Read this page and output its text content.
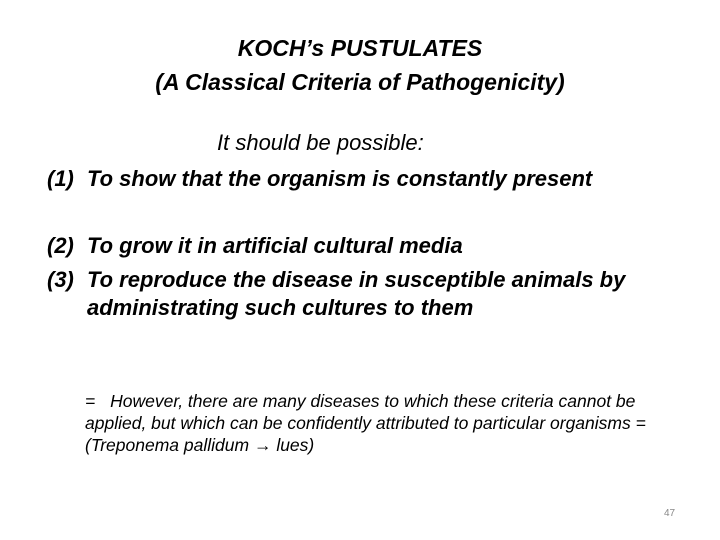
KOCH’s PUSTULATES
(A Classical Criteria of Pathogenicity)
It should be possible:
(1) To show that the organism is constantly present
(2) To grow it in artificial cultural media
(3) To reproduce the disease in susceptible animals by administrating such cultures to them
= However, there are many diseases to which these criteria cannot be applied, but which can be confidently attributed to particular organisms = (Treponema pallidum → lues)
47
